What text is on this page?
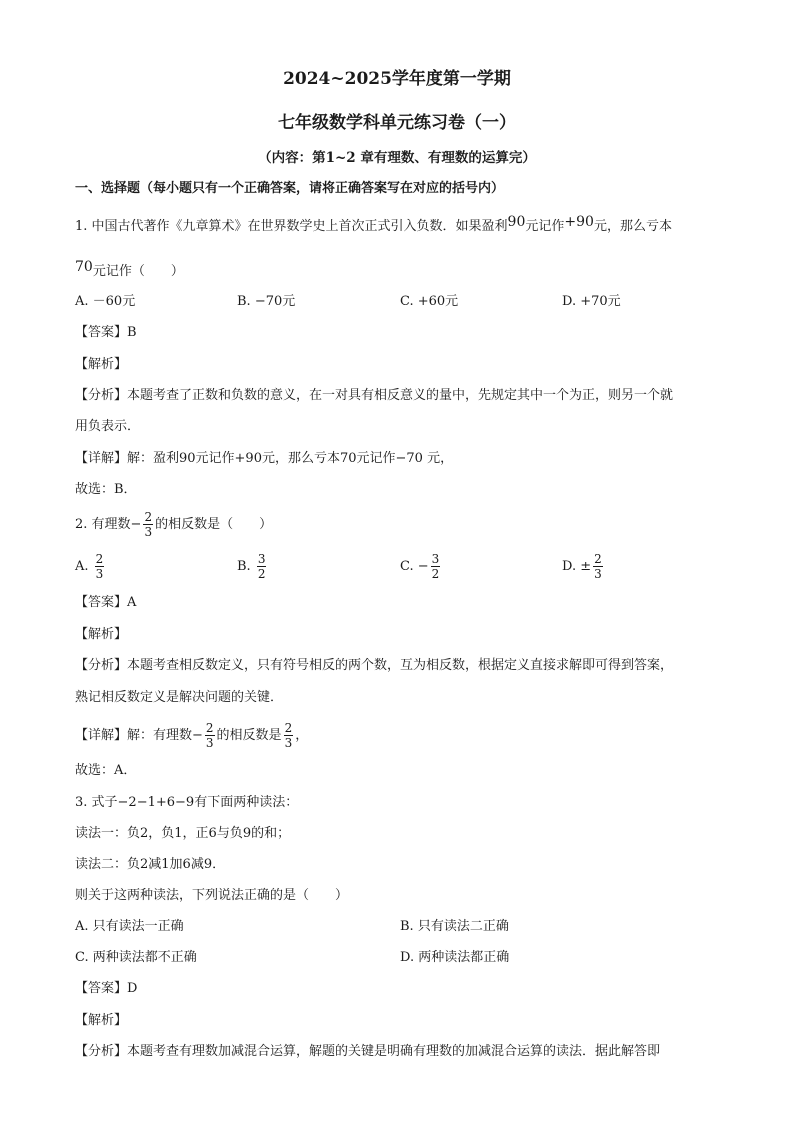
2024~2025学年度第一学期
七年级数学科单元练习卷（一）
（内容：第1~2 章有理数、有理数的运算完）
一、选择题（每小题只有一个正确答案，请将正确答案写在对应的括号内）
1. 中国古代著作《九章算术》在世界数学史上首次正式引入负数．如果盈利90元记作+90元，那么亏本
70元记作（　　）
A. －60元	B. −70元	C. +60元	D. +70元
【答案】B
【解析】
【分析】本题考查了正数和负数的意义，在一对具有相反意义的量中，先规定其中一个为正，则另一个就
用负表示．
【详解】解：盈利90元记作+90元，那么亏本70元记作−70 元，
故选：B．
2. 有理数− $\frac{2}{3}$ 的相反数是（　　）
A. $\frac{2}{3}$	B. $\frac{3}{2}$	C. − $\frac{3}{2}$	D. ± $\frac{2}{3}$
【答案】A
【解析】
【分析】本题考查相反数定义，只有符号相反的两个数，互为相反数，根据定义直接求解即可得到答案，
熟记相反数定义是解决问题的关键．
【详解】解：有理数− $\frac{2}{3}$ 的相反数是 $\frac{2}{3}$ ，
故选：A．
3. 式子−2−1+6−9有下面两种读法：
读法一：负2，负1，正6与负9的和；
读法二：负2减1加6减9．
则关于这两种读法，下列说法正确的是（　　）
A. 只有读法一正确	B. 只有读法二正确
C. 两种读法都不正确	D. 两种读法都正确
【答案】D
【解析】
【分析】本题考查有理数加减混合运算，解题的关键是明确有理数的加减混合运算的读法．据此解答即
